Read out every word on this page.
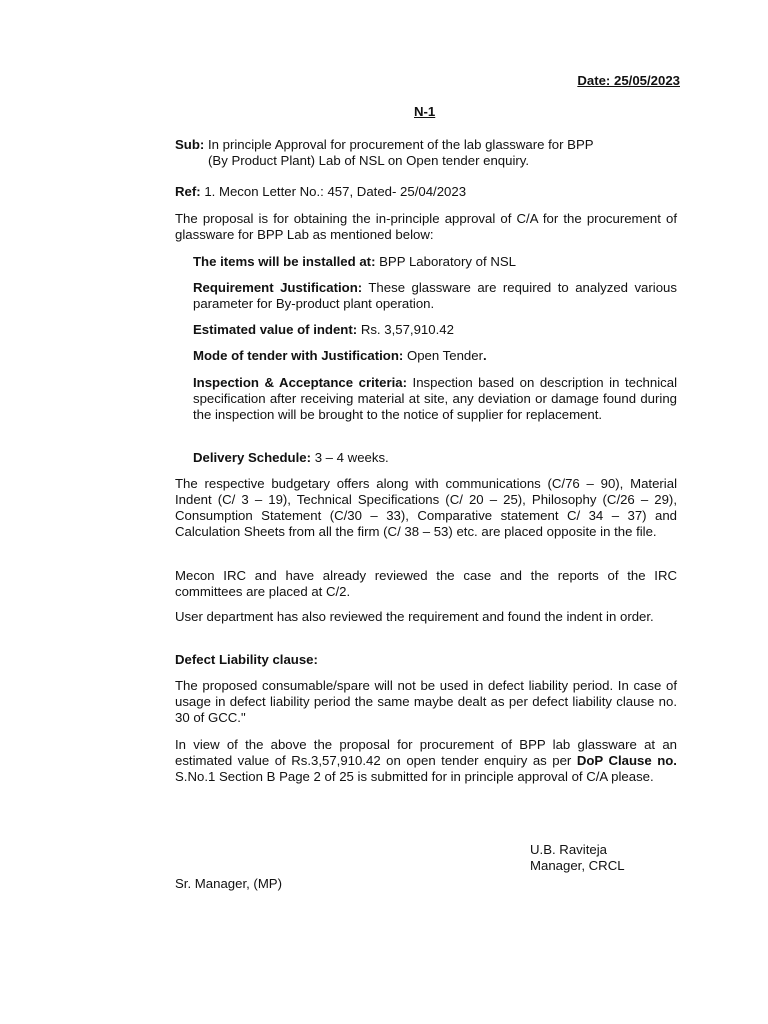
Date: 25/05/2023
N-1
Sub: In principle Approval for procurement of the lab glassware for BPP
(By Product Plant) Lab of NSL on Open tender enquiry.
Ref: 1. Mecon Letter No.: 457, Dated- 25/04/2023

The proposal is for obtaining the in-principle approval of C/A for the procurement of glassware for BPP Lab as mentioned below:

The items will be installed at: BPP Laboratory of NSL

Requirement Justification: These glassware are required to analyzed various parameter for By-product plant operation.

Estimated value of indent: Rs. 3,57,910.42

Mode of tender with Justification: Open Tender.

Inspection & Acceptance criteria: Inspection based on description in technical specification after receiving material at site, any deviation or damage found during the inspection will be brought to the notice of supplier for replacement.

Delivery Schedule: 3 – 4 weeks.

The respective budgetary offers along with communications (C/76 – 90), Material Indent (C/ 3 – 19), Technical Specifications (C/ 20 – 25), Philosophy (C/26 – 29), Consumption Statement (C/30 – 33), Comparative statement C/ 34 – 37) and Calculation Sheets from all the firm (C/ 38 – 53) etc. are placed opposite in the file.

Mecon IRC and have already reviewed the case and the reports of the IRC committees are placed at C/2.

User department has also reviewed the requirement and found the indent in order.

Defect Liability clause:

The proposed consumable/spare will not be used in defect liability period. In case of usage in defect liability period the same maybe dealt as per defect liability clause no. 30 of GCC."

In view of the above the proposal for procurement of BPP lab glassware at an estimated value of Rs.3,57,910.42 on open tender enquiry as per DoP Clause no. S.No.1 Section B Page 2 of 25 is submitted for in principle approval of C/A please.

U.B. Raviteja
Manager, CRCL
Sr. Manager, (MP)
